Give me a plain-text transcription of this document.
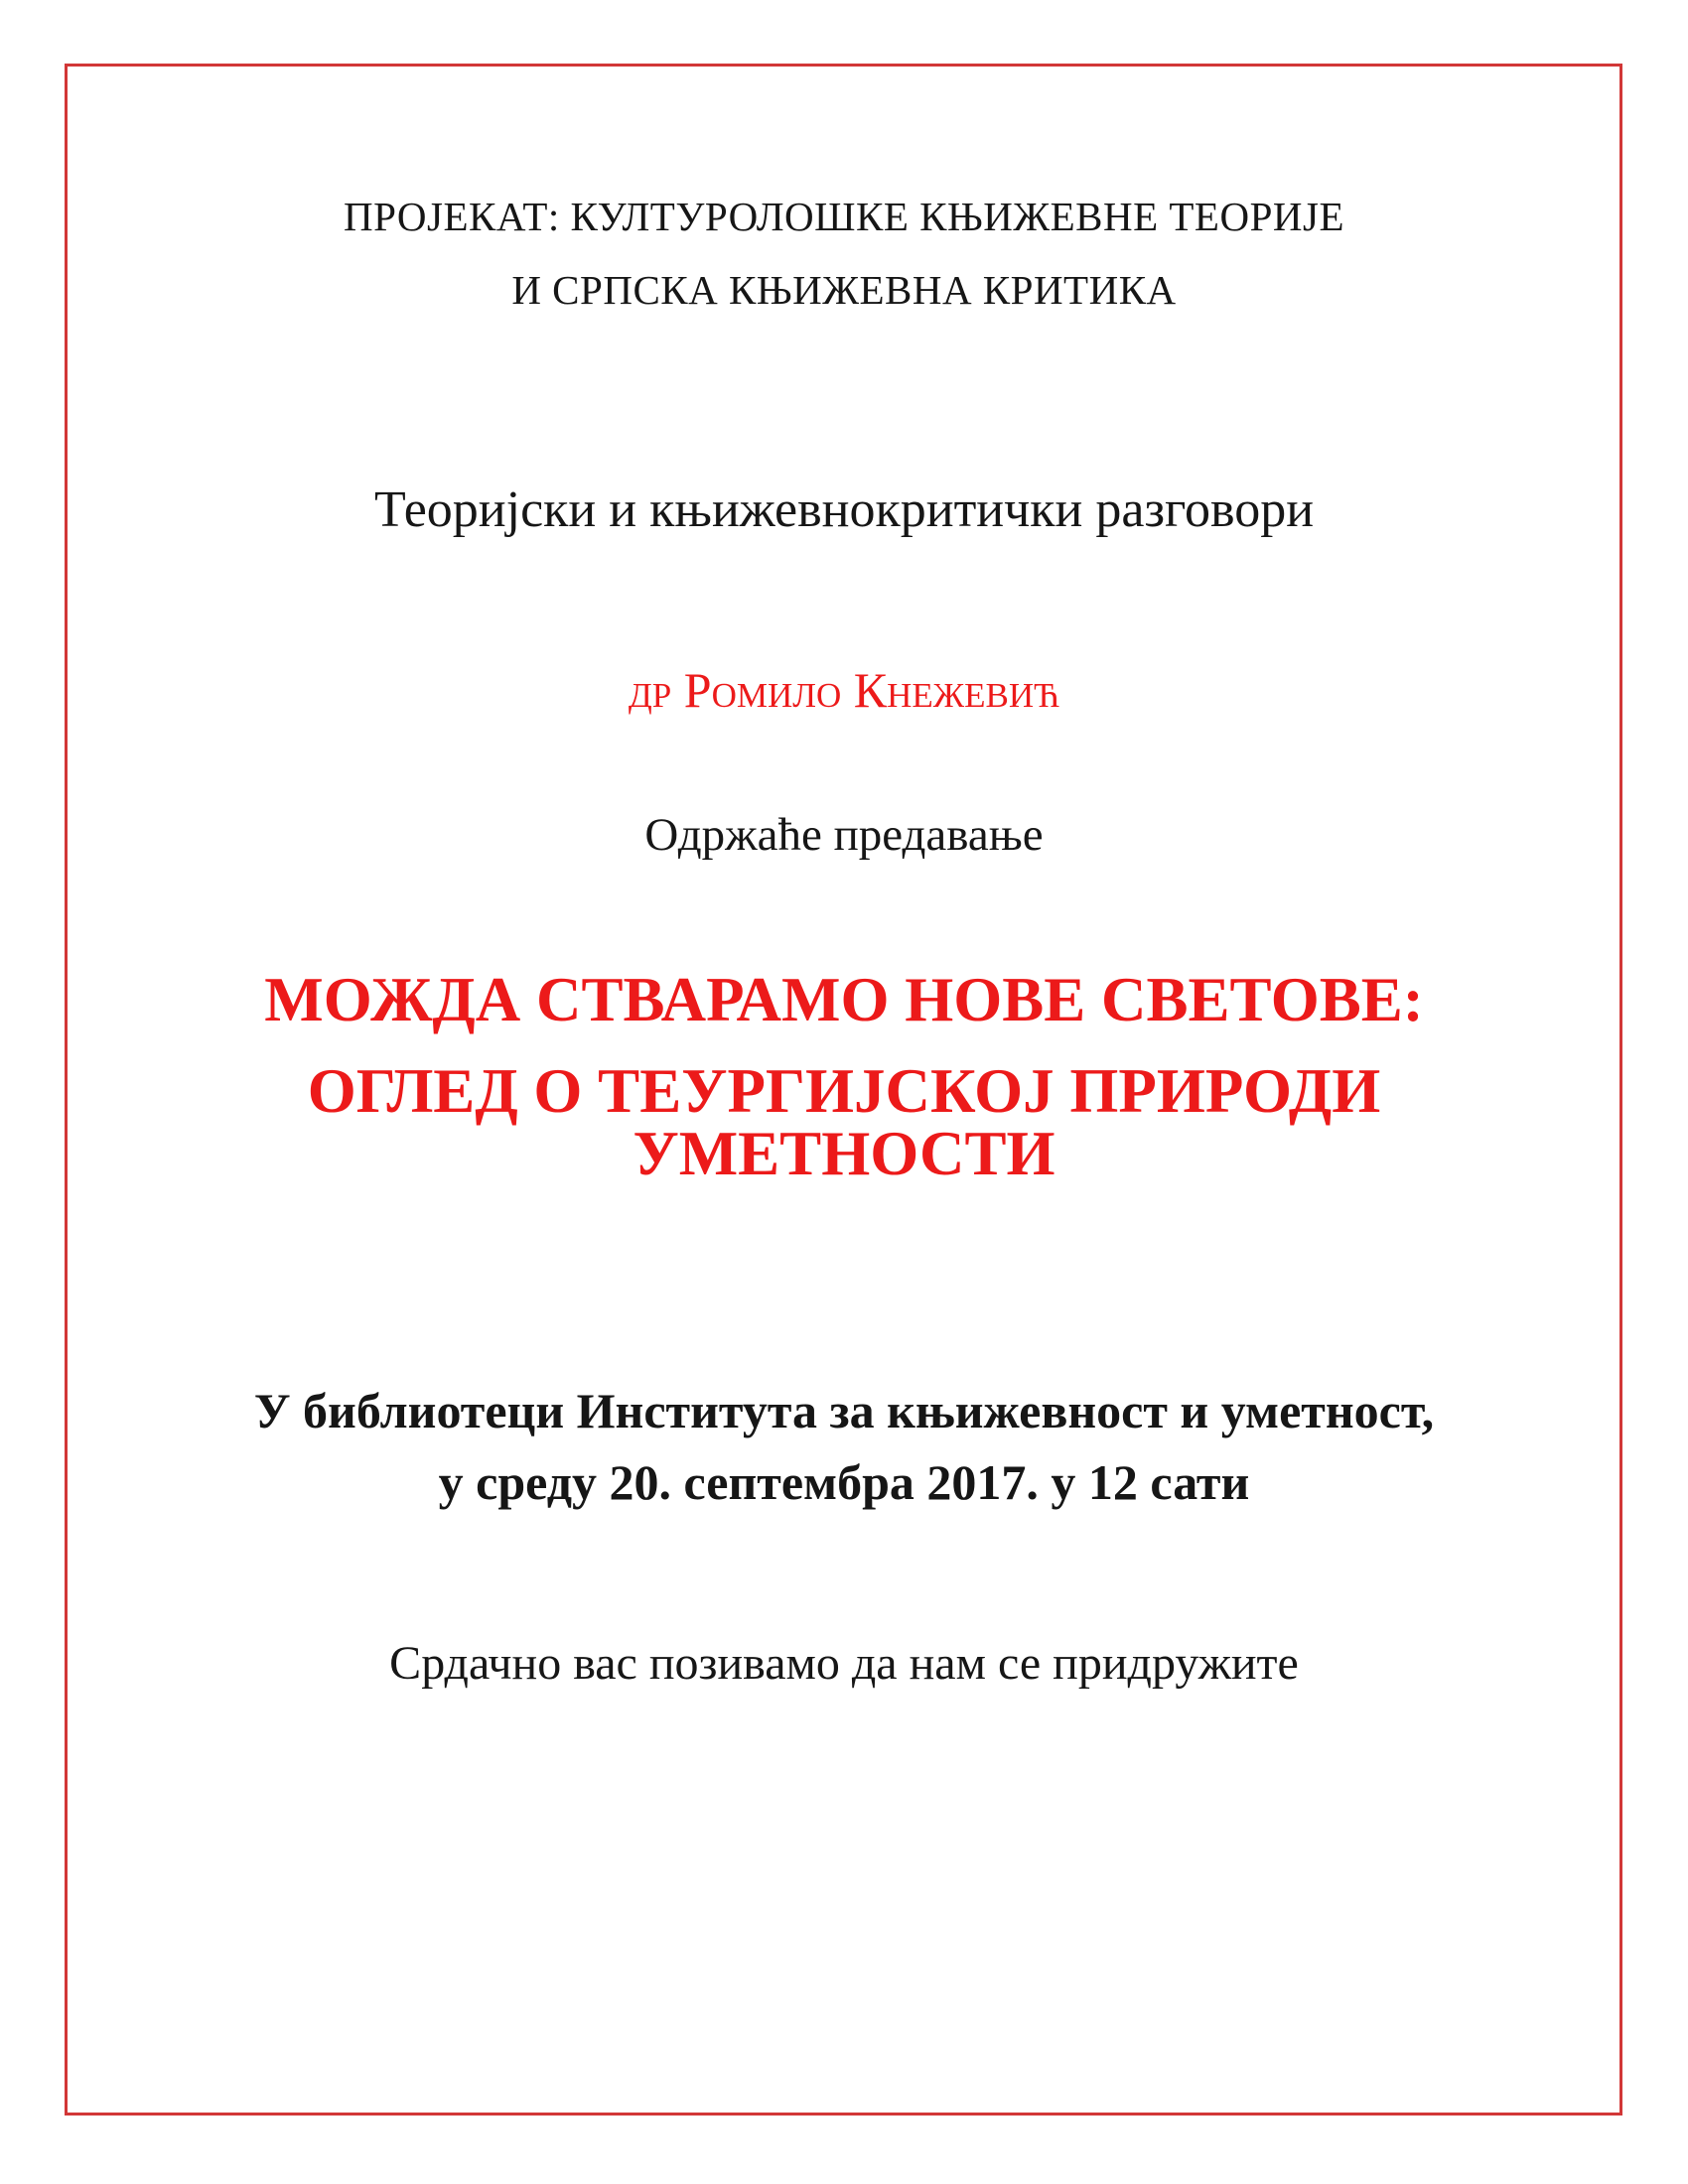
ПРОЈЕКАТ: КУЛТУРОЛОШКЕ КЊИЖЕВНЕ ТЕОРИЈЕ
И СРПСКА КЊИЖЕВНА КРИТИКА
Теоријски и књижевнокритички разговори
др Ромило Кнежевић
Одржаће предавање
МОЖДА СТВАРАМО НОВЕ СВЕТОВЕ:
ОГЛЕД О ТЕУРГИЈСКОЈ ПРИРОДИ
УМЕТНОСТИ
У библиотеци Института за књижевност и уметност,
у среду 20. септембра 2017. у 12 сати
Срдачно вас позивамо да нам се придружите
